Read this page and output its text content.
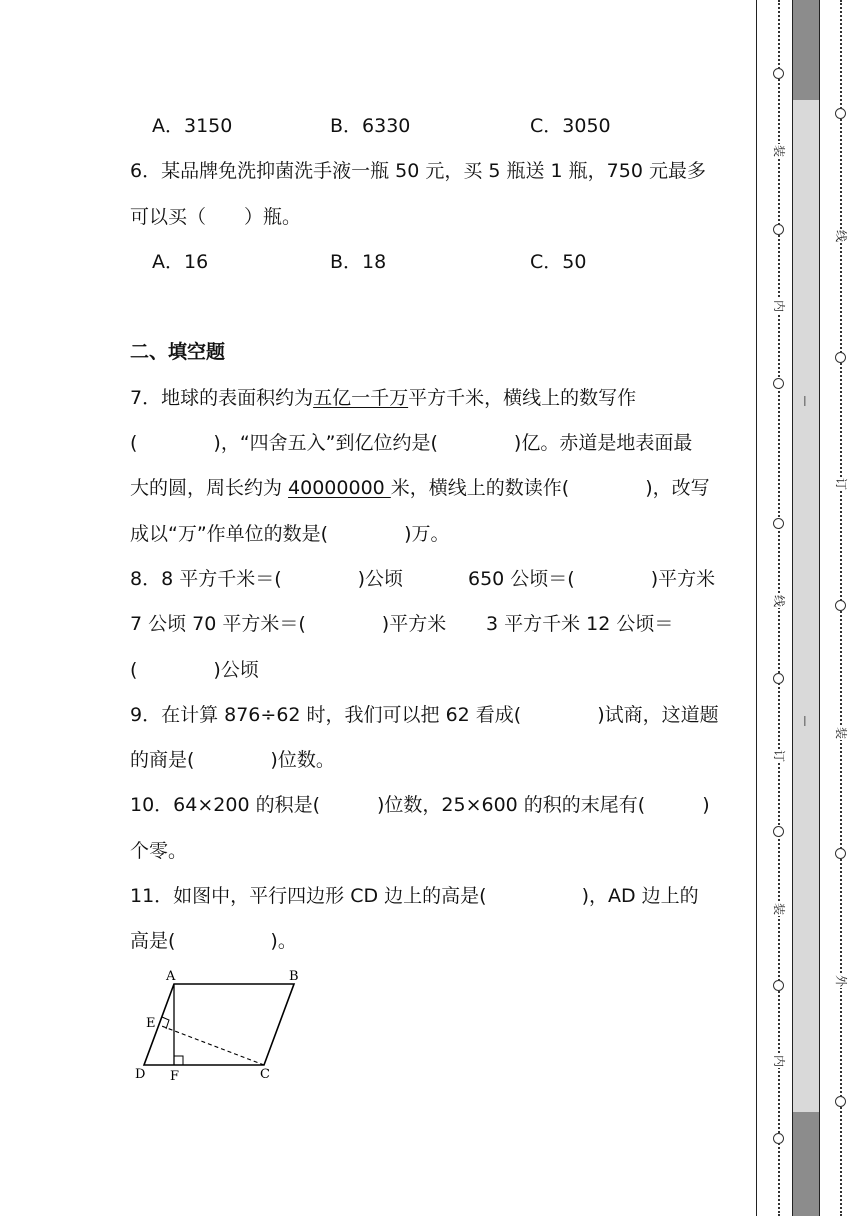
A．3150	B．6330	C．3050
6．某品牌免洗抑菌洗手液一瓶 50 元，买 5 瓶送 1 瓶，750 元最多
可以买（　　）瓶。
A．16	B．18	C．50
二、填空题
7．地球的表面积约为五亿一千万平方千米，横线上的数写作
(　　　　)，“四舍五入”到亿位约是(　　　　)亿。赤道是地表面最
大的圆，周长约为 40000000 米，横线上的数读作(　　　　)，改写
成以“万”作单位的数是(　　　　)万。
8．8 平方千米＝(　　　　)公顷	650 公顷＝(　　　　)平方米
7 公顷 70 平方米＝(　　　　)平方米 3 平方千米 12 公顷＝
(　　　　)公顷
9．在计算 876÷62 时，我们可以把 62 看成(　　　　)试商，这道题
的商是(　　　　)位数。
10．64×200 的积是(　　　)位数，25×600 的积的末尾有(　　　)
个零。
11．如图中，平行四边形 CD 边上的高是(　　　　　)，AD 边上的
高是(　　　　　)。
A	B
C
D
E
F
装
内
线
订
装
内
—
—
线
订
装
外
